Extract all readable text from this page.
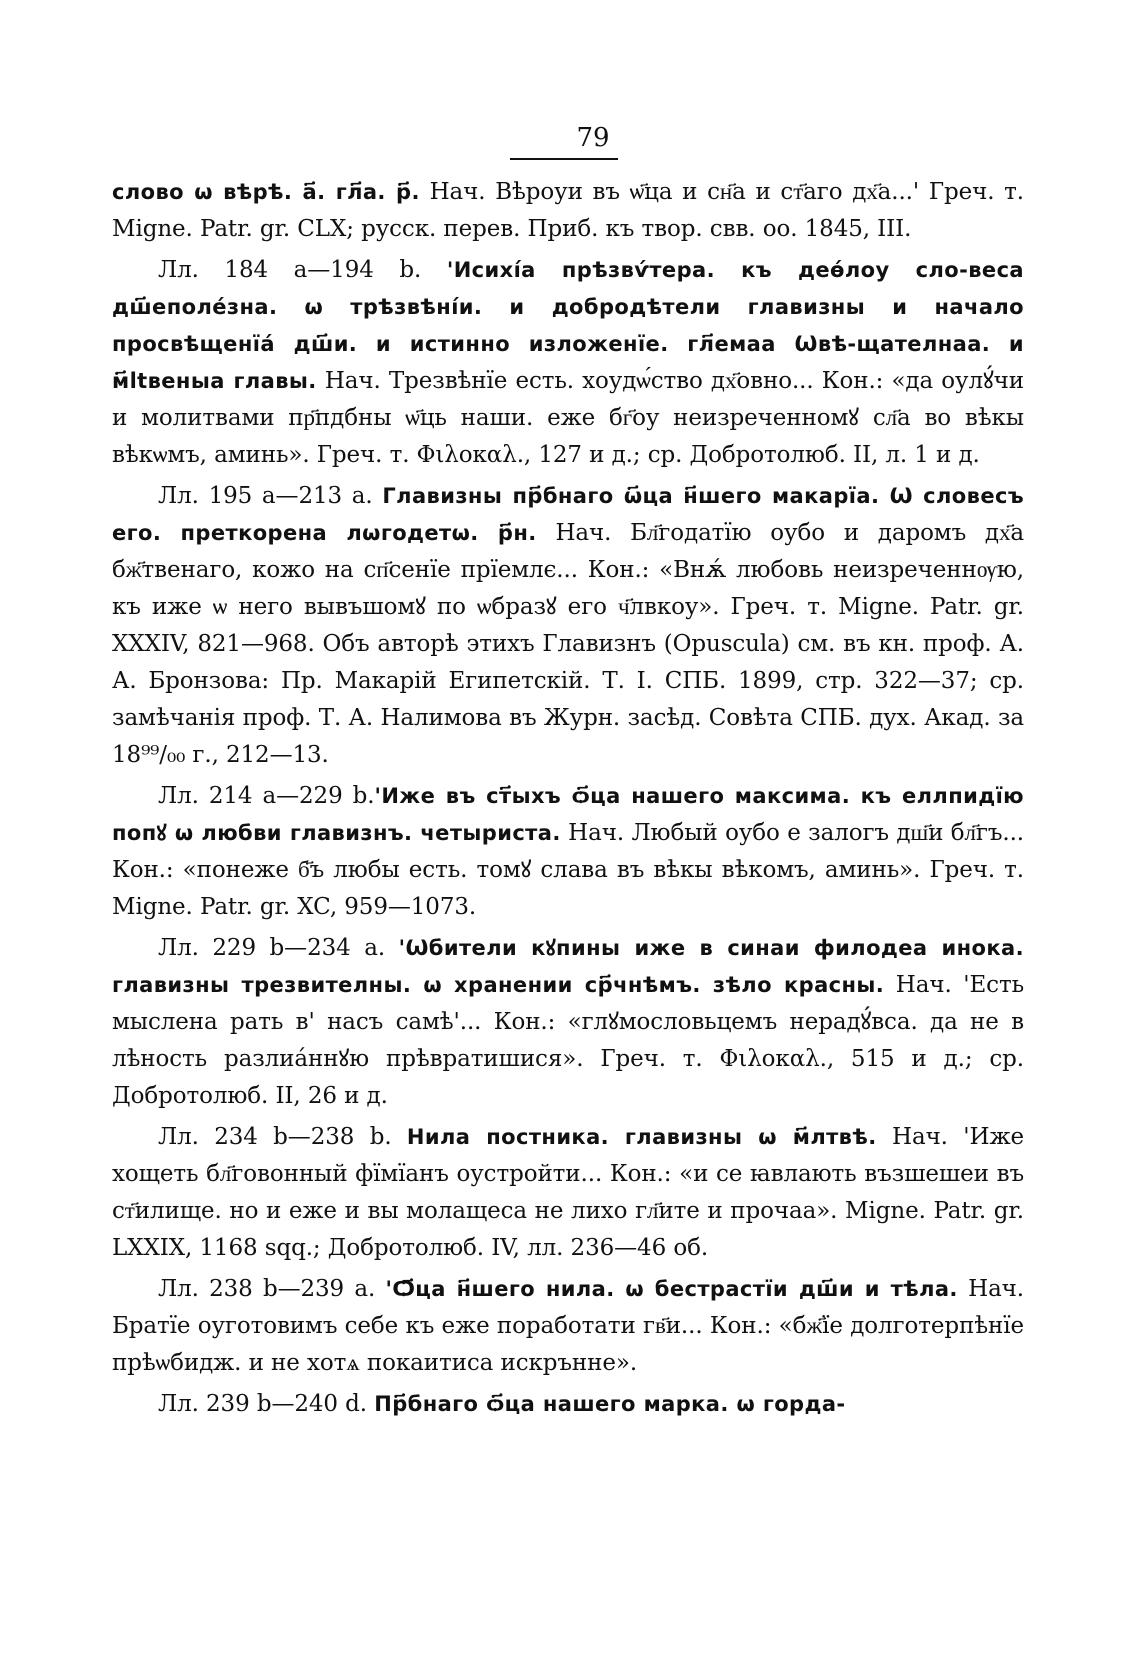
79

слово ѡ вѣрѣ. а҃. гл҃а. р҃. Нач. Вѣроуи въ ѡ҃ца и сн҃а и ст҃аго дх҃а...' Греч. т. Migne. Patr. gr. CLX; русск. перев. Приб. къ твор. свв. оо. 1845, III.

Лл. 184 a—194 b. 'Исихі́а прѣзвѵ́тера. къ деѳ́лоу сло-веса дш҃еполе́зна. ѡ трѣзвѣні́и. и добродѣтели главизны и начало просвѣщенїа́ дш҃и. и истинно изложенїе. гл҃емаа Ѡвѣ-щателнаа. и м҃ltвеныа главы. Нач. Трезвѣнїе есть. хоудѡ́ство дх҃овно... Кон.: «да оулꙋ́чи и молитвами пр҃пдбны ѡ҃ць наши. еже бг҃оу неизреченномꙋ сл҃а во вѣкы вѣкѡмъ, аминь». Греч. т. Φιλοκαλ., 127 и д.; ср. Добротолюб. II, л. 1 и д.

Лл. 195 a—213 a. Главизны пр҃бнаго ѡ҃ца н҃шего макарїа. Ѡ словесъ его. преткорена лѡгодетѡ. р҃н. Нач. Бл҃годатїю оубо и даромъ дх҃а бж҃твенаго, кожо на сп҃сенїе прїемлє... Кон.: «Внѫ́ любовь неизреченнѹю, къ иже ѡ него вывъшомꙋ по ѡбразꙋ его ч҃лвкоу». Греч. т. Migne. Patr. gr. XXXIV, 821—968. Объ авторѣ этихъ Главизнъ (Opuscula) см. въ кн. проф. А. А. Бронзова: Пр. Макарій Египетскій. Т. I. СПБ. 1899, стр. 322—37; ср. замѣчанія проф. Т. А. Налимова въ Журн. засѣд. Совѣта СПБ. дух. Акад. за 18⁹⁹/₀₀ г., 212—13.

Лл. 214 a—229 b.'Иже въ ст҃ыхъ ѻ҃ца нашего максима. къ еллпидїю попꙋ ѡ любви главизнъ. четыриста. Нач. Любый оубо е залогъ дш҃и бл҃гъ... Кон.: «понеже б҃ъ любы есть. томꙋ слава въ вѣкы вѣкомъ, аминь». Греч. т. Migne. Patr. gr. XC, 959—1073.

Лл. 229 b—234 a. 'Ѡбители кꙋпины иже в синаи филодеа инока. главизны трезвителны. ѡ хранении ср҃чнѣмъ. зѣло красны. Нач. 'Есть мыслена рать в' насъ самѣ'... Кон.: «глꙋмословьцемъ нерадꙋ́вса. да не в лѣность разлиа́ннꙋю прѣвратишися». Греч. т. Φιλοκαλ., 515 и д.; ср. Добротолюб. II, 26 и д.

Лл. 234 b—238 b. Нила постника. главизны ѡ м҃лтвѣ. Нач. 'Иже хощеть бл҃говонный фїмїанъ оустройти... Кон.: «и се ꙗвлають възшешеи въ ст҃илище. но и еже и вы молащеса не лихо гл҃ите и прочаа». Migne. Patr. gr. LXXIX, 1168 sqq.; Добротолюб. IV, лл. 236—46 об.

Лл. 238 b—239 a. 'Ѻ҃ца н҃шего нила. ѡ бестрастїи дш҃и и тѣла. Нач. Братїе оуготовимъ себе къ еже поработати гв҃и... Кон.: «бж҃їе долготерпѣнїе прѣѡбидж. и не хотѧ покаитиса искрънне».

Лл. 239 b—240 d. Пр҃бнаго ѻ҃ца нашего марка. ѡ горда-
